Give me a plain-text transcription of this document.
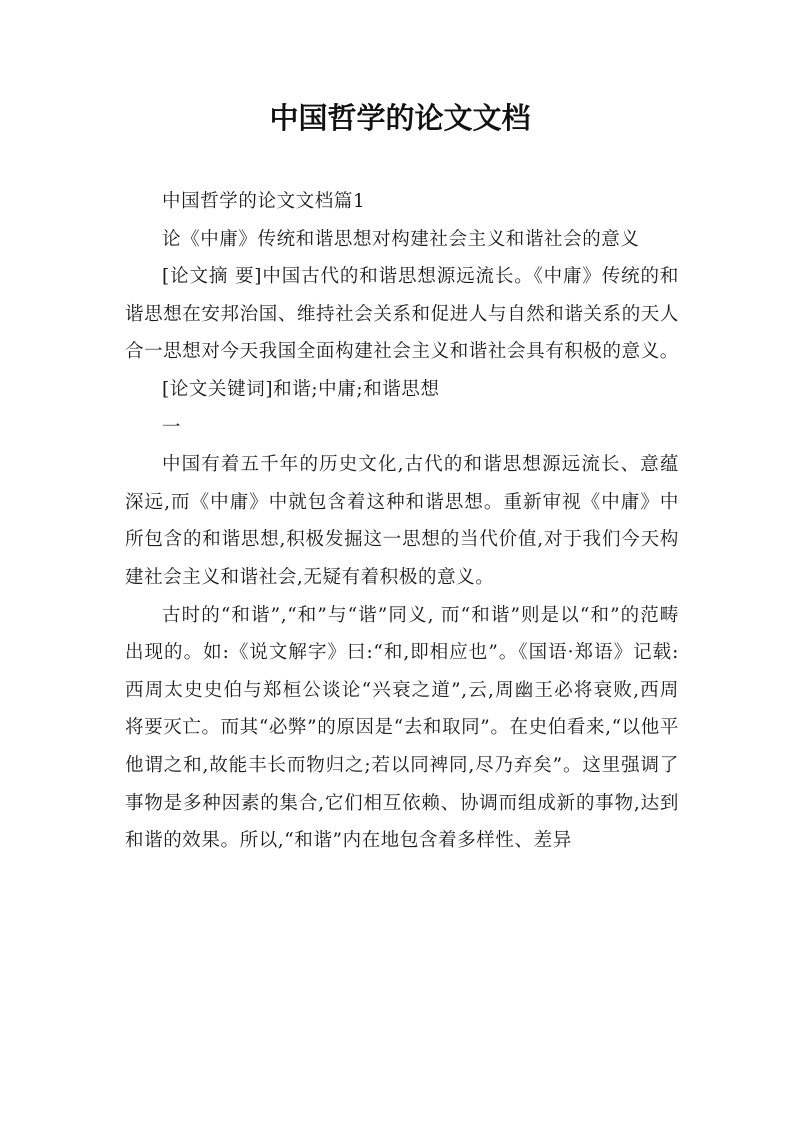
中国哲学的论文文档

中国哲学的论文文档篇1

论《中庸》传统和谐思想对构建社会主义和谐社会的意义

[论文摘 要]中国古代的和谐思想源远流长。《中庸》传统的和谐思想在安邦治国、维持社会关系和促进人与自然和谐关系的天人合一思想对今天我国全面构建社会主义和谐社会具有积极的意义。

[论文关键词]和谐;中庸;和谐思想

一

中国有着五千年的历史文化,古代的和谐思想源远流长、意蕴深远,而《中庸》中就包含着这种和谐思想。重新审视《中庸》中所包含的和谐思想,积极发掘这一思想的当代价值,对于我们今天构建社会主义和谐社会,无疑有着积极的意义。

古时的“和谐”,“和”与“谐”同义, 而“和谐”则是以“和”的范畴出现的。如:《说文解字》曰:“和,即相应也”。《国语·郑语》记载:西周太史史伯与郑桓公谈论“兴衰之道”,云,周幽王必将衰败,西周将要灭亡。而其“必弊”的原因是“去和取同”。在史伯看来,“以他平他谓之和,故能丰长而物归之;若以同裨同,尽乃弃矣”。这里强调了事物是多种因素的集合,它们相互依赖、协调而组成新的事物,达到和谐的效果。所以,“和谐”内在地包含着多样性、差异
